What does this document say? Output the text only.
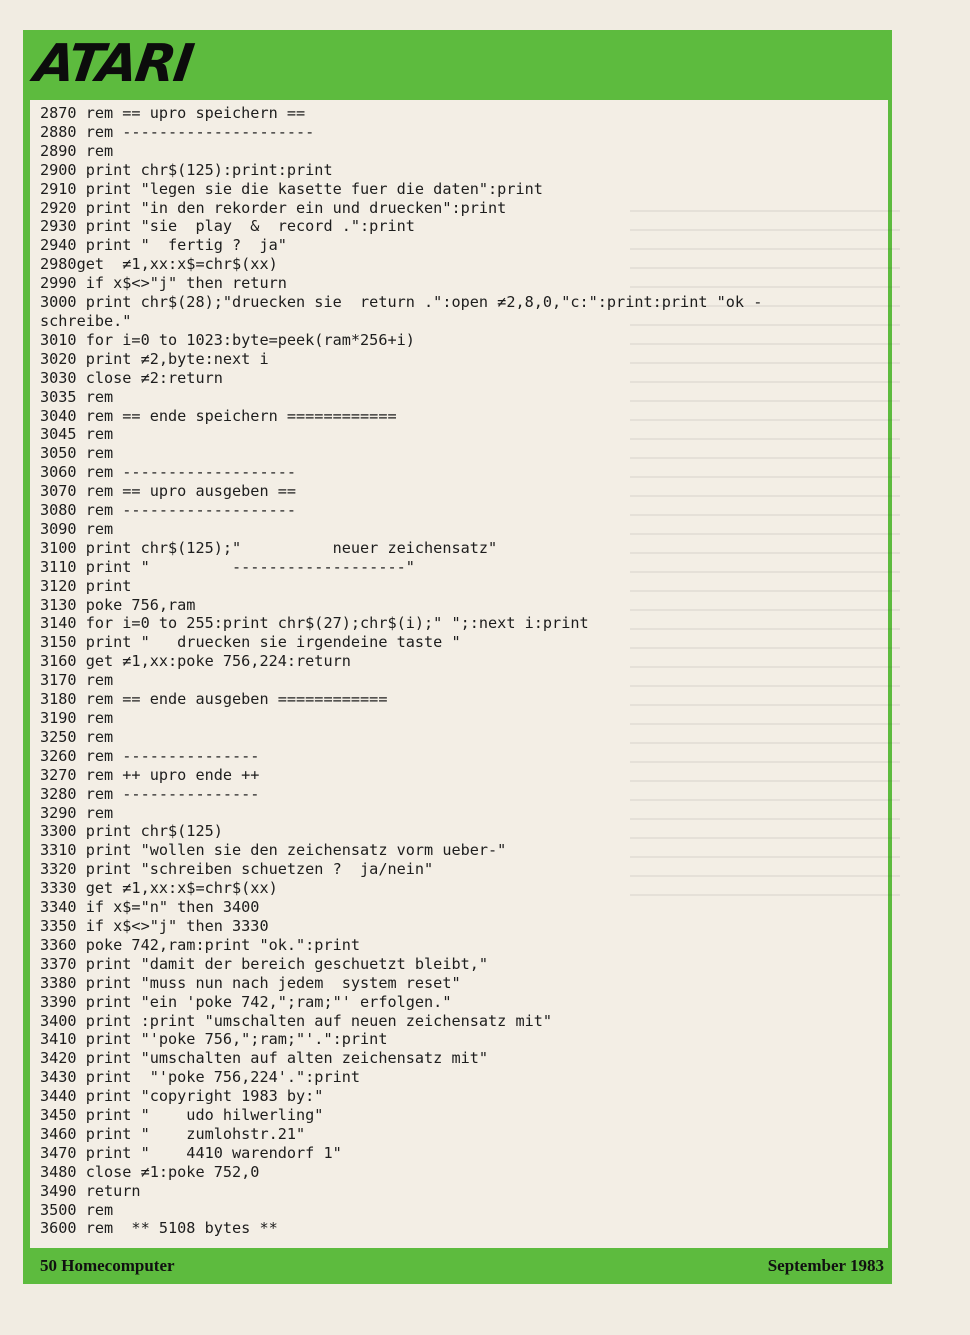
ATARI
2870 rem == upro speichern ==
2880 rem ---------------------
2890 rem
2900 print chr$(125):print:print
2910 print "legen sie die kasette fuer die daten":print
2920 print "in den rekorder ein und druecken":print
2930 print "sie  play  &  record .":print
2940 print "  fertig ?  ja"
2980get  ≠1,xx:x$=chr$(xx)
2990 if x$<>"j" then return
3000 print chr$(28);"druecken sie  return .":open ≠2,8,0,"c:":print:print "ok -
schreibe."
3010 for i=0 to 1023:byte=peek(ram*256+i)
3020 print ≠2,byte:next i
3030 close ≠2:return
3035 rem
3040 rem == ende speichern ============
3045 rem
3050 rem
3060 rem -------------------
3070 rem == upro ausgeben ==
3080 rem -------------------
3090 rem
3100 print chr$(125);"          neuer zeichensatz"
3110 print "         -------------------"
3120 print
3130 poke 756,ram
3140 for i=0 to 255:print chr$(27);chr$(i);" ";:next i:print
3150 print "   druecken sie irgendeine taste "
3160 get ≠1,xx:poke 756,224:return
3170 rem
3180 rem == ende ausgeben ============
3190 rem
3250 rem
3260 rem ---------------
3270 rem ++ upro ende ++
3280 rem ---------------
3290 rem
3300 print chr$(125)
3310 print "wollen sie den zeichensatz vorm ueber-"
3320 print "schreiben schuetzen ?  ja/nein"
3330 get ≠1,xx:x$=chr$(xx)
3340 if x$="n" then 3400
3350 if x$<>"j" then 3330
3360 poke 742,ram:print "ok.":print
3370 print "damit der bereich geschuetzt bleibt,"
3380 print "muss nun nach jedem  system reset"
3390 print "ein 'poke 742,";ram;"' erfolgen."
3400 print :print "umschalten auf neuen zeichensatz mit"
3410 print "'poke 756,";ram;"'.":print
3420 print "umschalten auf alten zeichensatz mit"
3430 print  "'poke 756,224'.":print
3440 print "copyright 1983 by:"
3450 print "    udo hilwerling"
3460 print "    zumlohstr.21"
3470 print "    4410 warendorf 1"
3480 close ≠1:poke 752,0
3490 return
3500 rem
3600 rem  ** 5108 bytes **
50 Homecomputer	September 1983
